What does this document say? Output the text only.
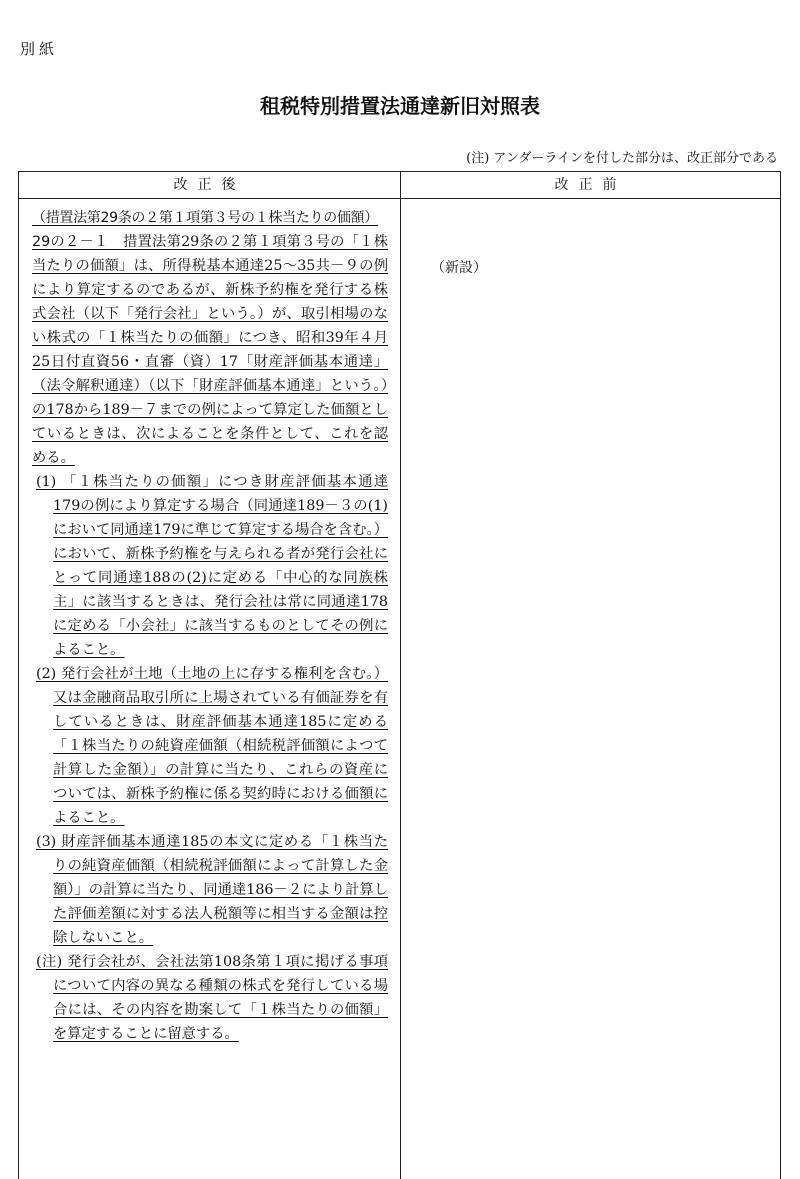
別紙
租税特別措置法通達新旧対照表
(注) アンダーラインを付した部分は、改正部分である
改正後	改正前

（措置法第29条の２第１項第３号の１株当たりの価額）

29の２－１　 措置法第29条の２第１項第３号の「１株当たりの価額」は、所得税基本通達25～35共－９の例により算定するのであるが、新株予約権を発行する株式会社（以下「発行会社」という。）が、取引相場のない株式の「１株当たりの価額」につき、昭和39年４月25日付直資56・直審（資）17「財産評価基本通達」（法令解釈通達）（以下「財産評価基本通達」という。）の178から189－７までの例によって算定した価額としているときは、次によることを条件として、これを認める。

(1) 「１株当たりの価額」につき財産評価基本通達179の例により算定する場合（同通達189－３の(1)において同通達179に準じて算定する場合を含む。）において、新株予約権を与えられる者が発行会社にとって同通達188の(2)に定める「中心的な同族株主」に該当するときは、発行会社は常に同通達178に定める「小会社」に該当するものとしてその例によること。

(2) 発行会社が土地（土地の上に存する権利を含む。）又は金融商品取引所に上場されている有価証券を有しているときは、財産評価基本通達185に定める「１株当たりの純資産価額（相続税評価額によつて計算した金額）」の計算に当たり、これらの資産については、新株予約権に係る契約時における価額によること。

(3) 財産評価基本通達185の本文に定める「１株当たりの純資産価額（相続税評価額によって計算した金額）」の計算に当たり、同通達186－２により計算した評価差額に対する法人税額等に相当する金額は控除しないこと。

(注) 発行会社が、会社法第108条第１項に掲げる事項について内容の異なる種類の株式を発行している場合には、その内容を勘案して「１株当たりの価額」を算定することに留意する。

（新設）
